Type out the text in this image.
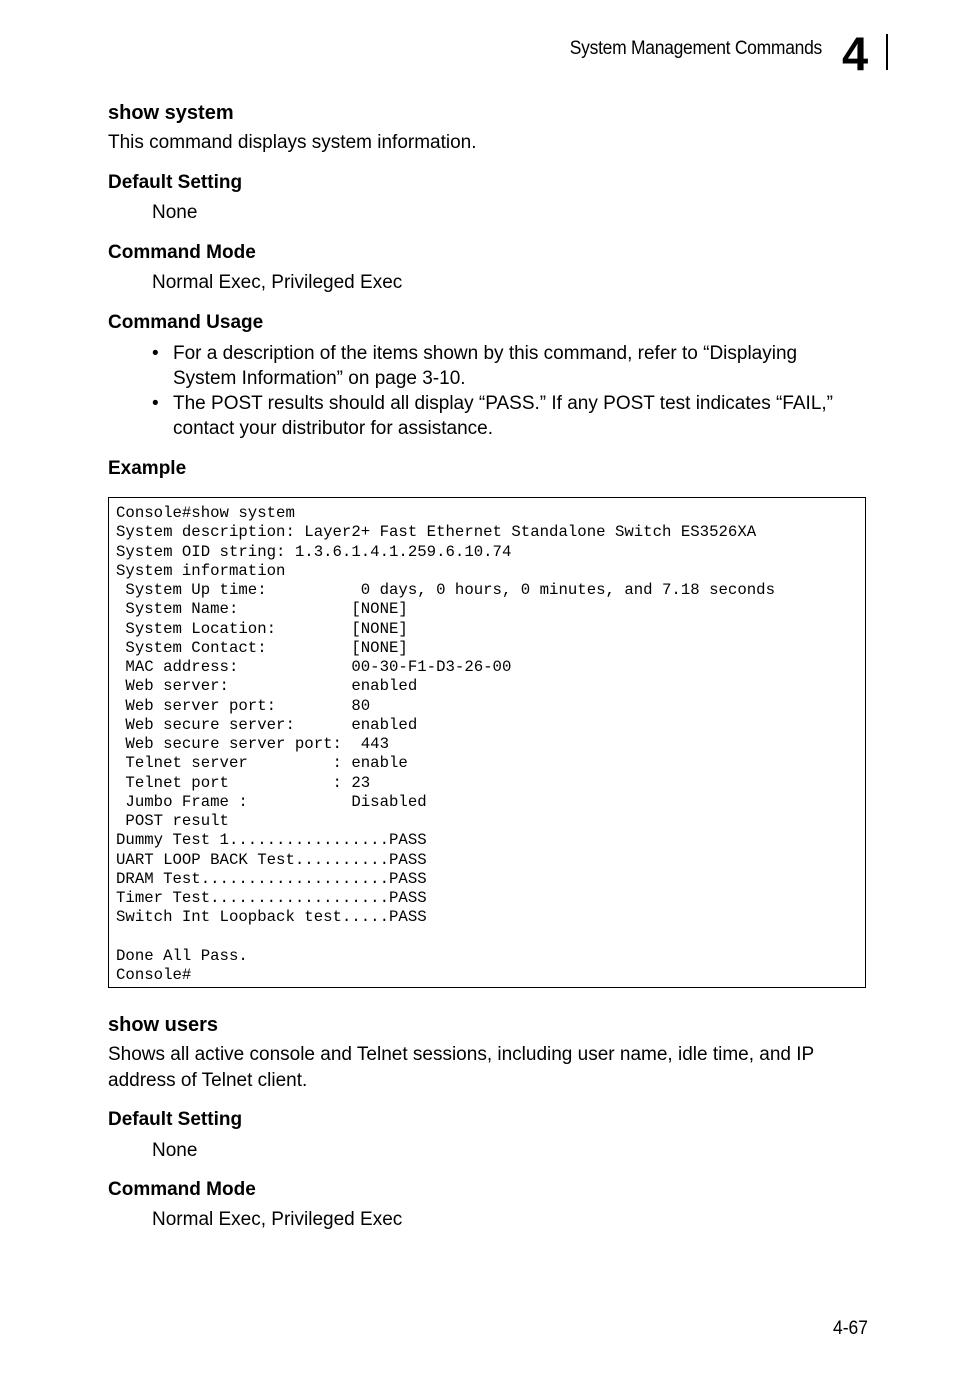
System Management Commands 4
show system
This command displays system information.
Default Setting
None
Command Mode
Normal Exec, Privileged Exec
Command Usage
• For a description of the items shown by this command, refer to “Displaying System Information” on page 3-10.
• The POST results should all display “PASS.” If any POST test indicates “FAIL,” contact your distributor for assistance.
Example
Console#show system
System description: Layer2+ Fast Ethernet Standalone Switch ES3526XA
System OID string: 1.3.6.1.4.1.259.6.10.74
System information
System Up time:          0 days, 0 hours, 0 minutes, and 7.18 seconds
System Name:            [NONE]
System Location:        [NONE]
System Contact:         [NONE]
MAC address:            00-30-F1-D3-26-00
Web server:             enabled
Web server port:        80
Web secure server:      enabled
Web secure server port:  443
Telnet server         : enable
Telnet port           : 23
Jumbo Frame :           Disabled
POST result
Dummy Test 1.................PASS
UART LOOP BACK Test..........PASS
DRAM Test....................PASS
Timer Test...................PASS
Switch Int Loopback test.....PASS

Done All Pass.
Console#
show users
Shows all active console and Telnet sessions, including user name, idle time, and IP
address of Telnet client.
Default Setting
None
Command Mode
Normal Exec, Privileged Exec
4-67
